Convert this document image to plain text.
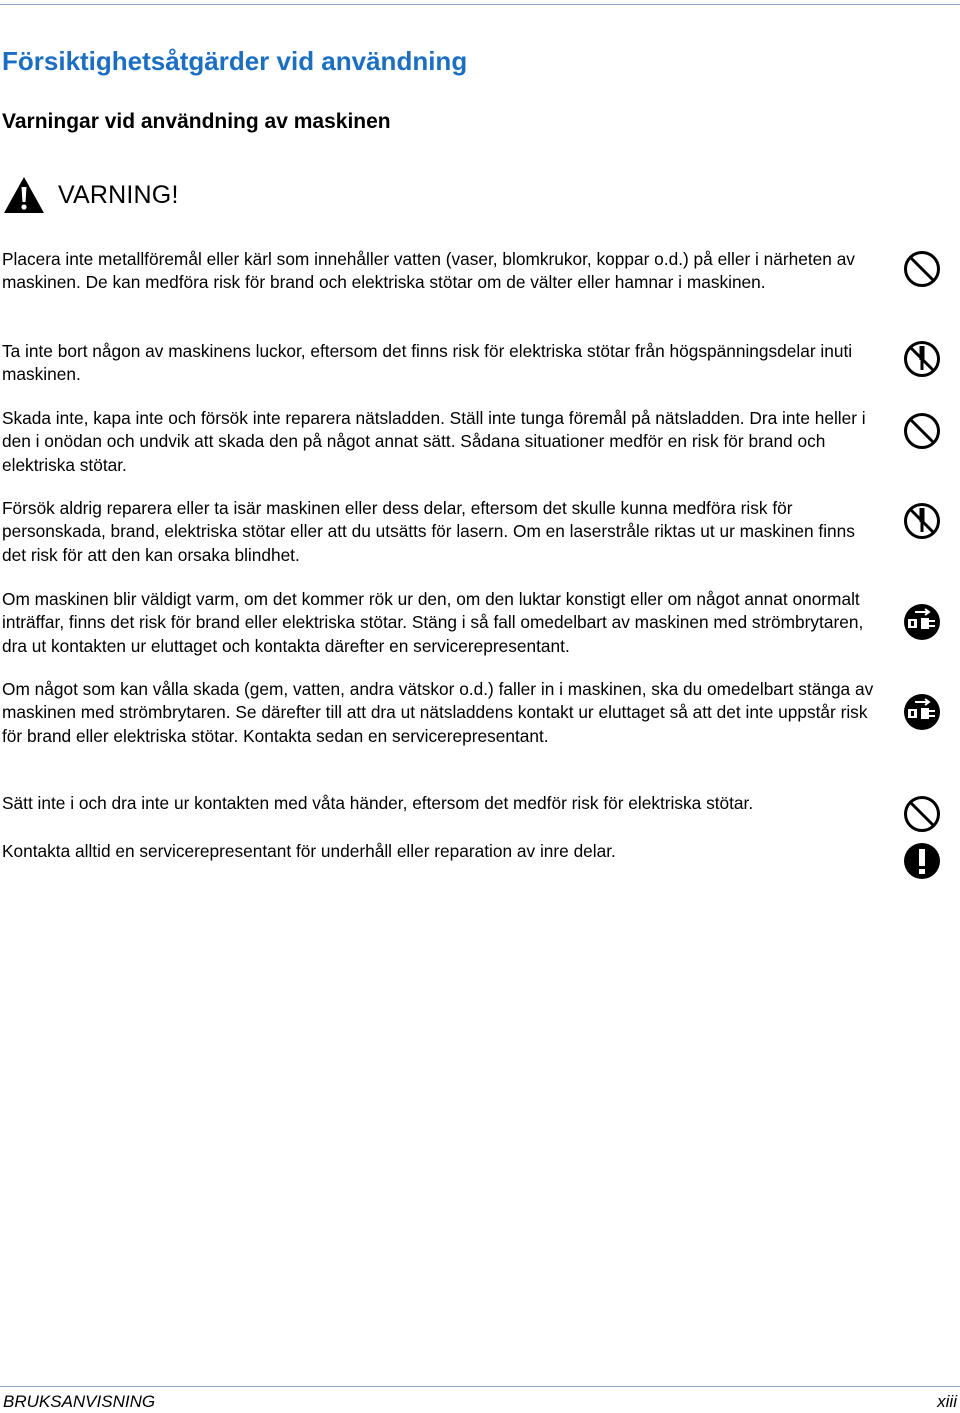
Försiktighetsåtgärder vid användning
Varningar vid användning av maskinen
VARNING!

Placera inte metallföremål eller kärl som innehåller vatten (vaser, blomkrukor, koppar o.d.) på eller i närheten av maskinen. De kan medföra risk för brand och elektriska stötar om de välter eller hamnar i maskinen.

Ta inte bort någon av maskinens luckor, eftersom det finns risk för elektriska stötar från högspänningsdelar inuti maskinen.

Skada inte, kapa inte och försök inte reparera nätsladden. Ställ inte tunga föremål på nätsladden. Dra inte heller i den i onödan och undvik att skada den på något annat sätt. Sådana situationer medför en risk för brand och elektriska stötar.

Försök aldrig reparera eller ta isär maskinen eller dess delar, eftersom det skulle kunna medföra risk för personskada, brand, elektriska stötar eller att du utsätts för lasern. Om en laserstråle riktas ut ur maskinen finns det risk för att den kan orsaka blindhet.

Om maskinen blir väldigt varm, om det kommer rök ur den, om den luktar konstigt eller om något annat onormalt inträffar, finns det risk för brand eller elektriska stötar. Stäng i så fall omedelbart av maskinen med strömbrytaren, dra ut kontakten ur eluttaget och kontakta därefter en servicerepresentant.

Om något som kan vålla skada (gem, vatten, andra vätskor o.d.) faller in i maskinen, ska du omedelbart stänga av maskinen med strömbrytaren. Se därefter till att dra ut nätsladdens kontakt ur eluttaget så att det inte uppstår risk för brand eller elektriska stötar. Kontakta sedan en servicerepresentant.

Sätt inte i och dra inte ur kontakten med våta händer, eftersom det medför risk för elektriska stötar.

Kontakta alltid en servicerepresentant för underhåll eller reparation av inre delar.

BRUKSANVISNING	xiii
